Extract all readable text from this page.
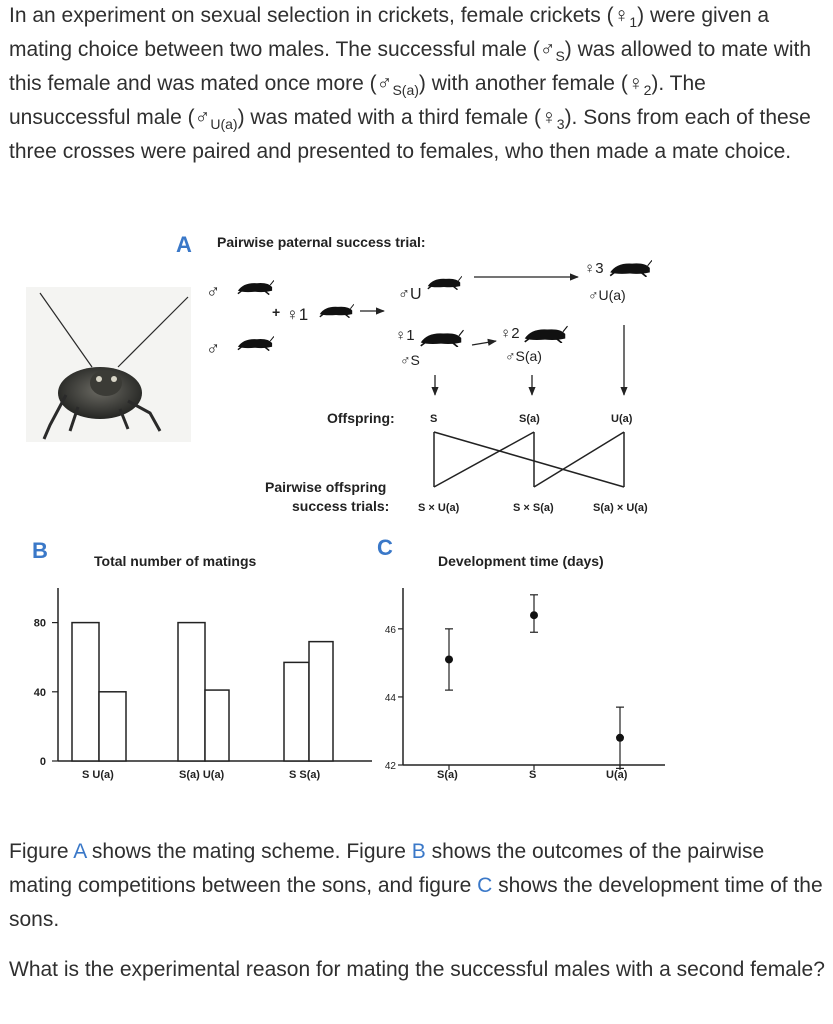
In an experiment on sexual selection in crickets, female crickets $(♀_1)$ were given a mating choice between two males. The successful male $(♂_S)$ was allowed to mate with this female and was mated once more $(♂_{S(a)})$ with another female $(♀_2)$. The unsuccessful male $(♂_{U(a)})$ was mated with a third female $(♀_3)$. Sons from each of these three crosses were paired and presented to females, who then made a mate choice.
A Pairwise paternal success trial:
♂
♂
+ ♀1
♂U
♀1
♂S
♀2
♂S(a)
♀3
♂U(a)
Offspring:	S	S(a)	U(a)
Pairwise offspring
success trials:	S × U(a)	S × S(a)	S(a) × U(a)
B	Total number of matings
80
40
0
S U(a)	S(a) U(a)	S S(a)
C
Development time (days)
46
44
42
S(a)	S	U(a)
Figure A shows the mating scheme. Figure B shows the outcomes of the pairwise mating competitions between the sons, and figure C shows the development time of the sons.
What is the experimental reason for mating the successful males with a second female?
